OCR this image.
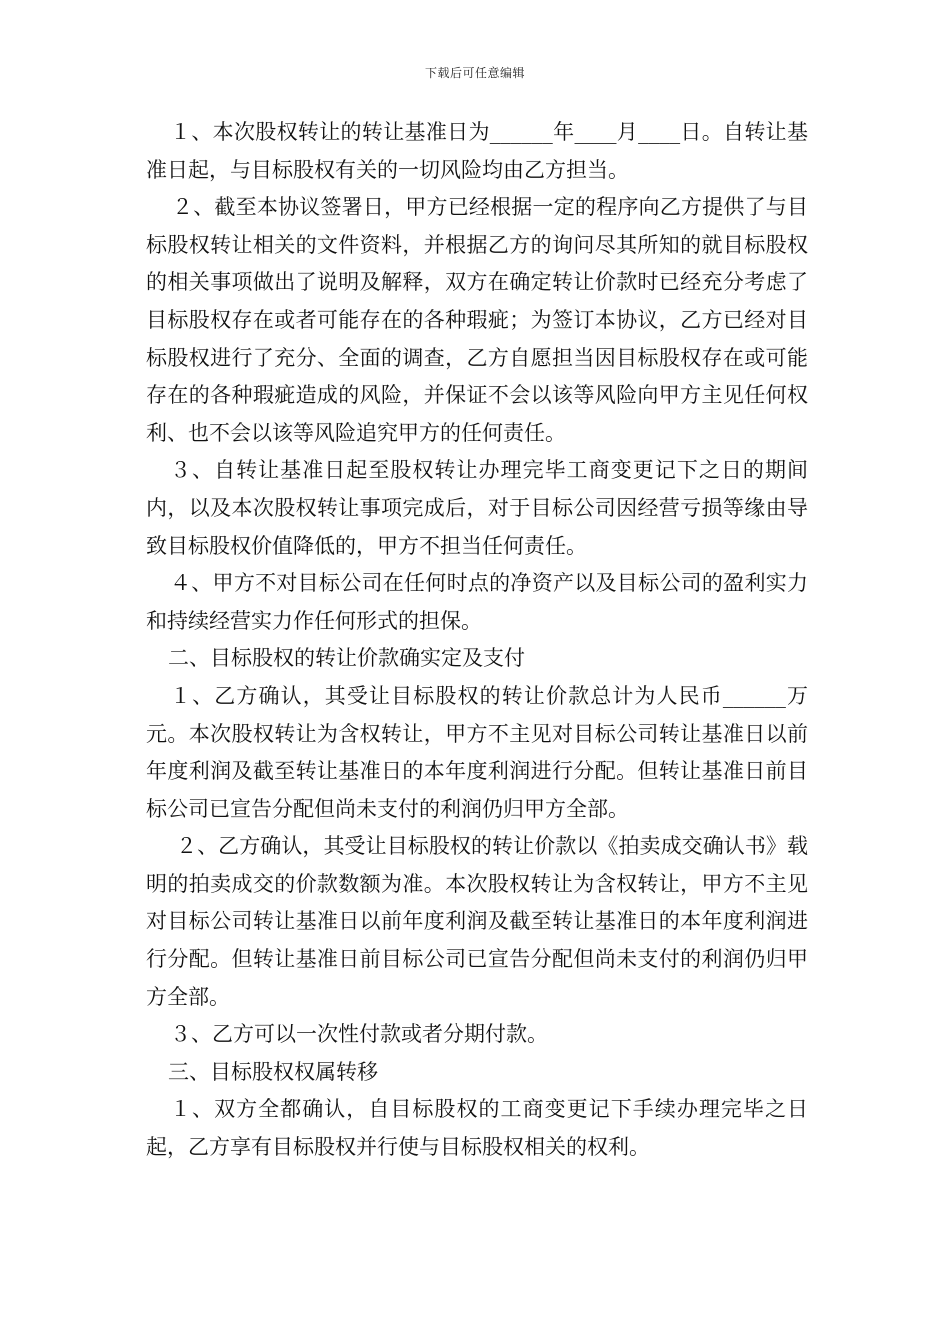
下载后可任意编辑

１、本次股权转让的转让基准日为______年____月____日。自转让基准日起，与目标股权有关的一切风险均由乙方担当。

２、截至本协议签署日，甲方已经根据一定的程序向乙方提供了与目标股权转让相关的文件资料，并根据乙方的询问尽其所知的就目标股权的相关事项做出了说明及解释，双方在确定转让价款时已经充分考虑了目标股权存在或者可能存在的各种瑕疵；为签订本协议，乙方已经对目标股权进行了充分、全面的调查，乙方自愿担当因目标股权存在或可能存在的各种瑕疵造成的风险，并保证不会以该等风险向甲方主见任何权利、也不会以该等风险追究甲方的任何责任。

３、自转让基准日起至股权转让办理完毕工商变更记下之日的期间内，以及本次股权转让事项完成后，对于目标公司因经营亏损等缘由导致目标股权价值降低的，甲方不担当任何责任。

４、甲方不对目标公司在任何时点的净资产以及目标公司的盈利实力和持续经营实力作任何形式的担保。

二、目标股权的转让价款确实定及支付

１、乙方确认，其受让目标股权的转让价款总计为人民币______万元。本次股权转让为含权转让，甲方不主见对目标公司转让基准日以前年度利润及截至转让基准日的本年度利润进行分配。但转让基准日前目标公司已宣告分配但尚未支付的利润仍归甲方全部。

２、乙方确认，其受让目标股权的转让价款以《拍卖成交确认书》载明的拍卖成交的价款数额为准。本次股权转让为含权转让，甲方不主见对目标公司转让基准日以前年度利润及截至转让基准日的本年度利润进行分配。但转让基准日前目标公司已宣告分配但尚未支付的利润仍归甲方全部。

３、乙方可以一次性付款或者分期付款。

三、目标股权权属转移

１、双方全都确认，自目标股权的工商变更记下手续办理完毕之日起，乙方享有目标股权并行使与目标股权相关的权利。
